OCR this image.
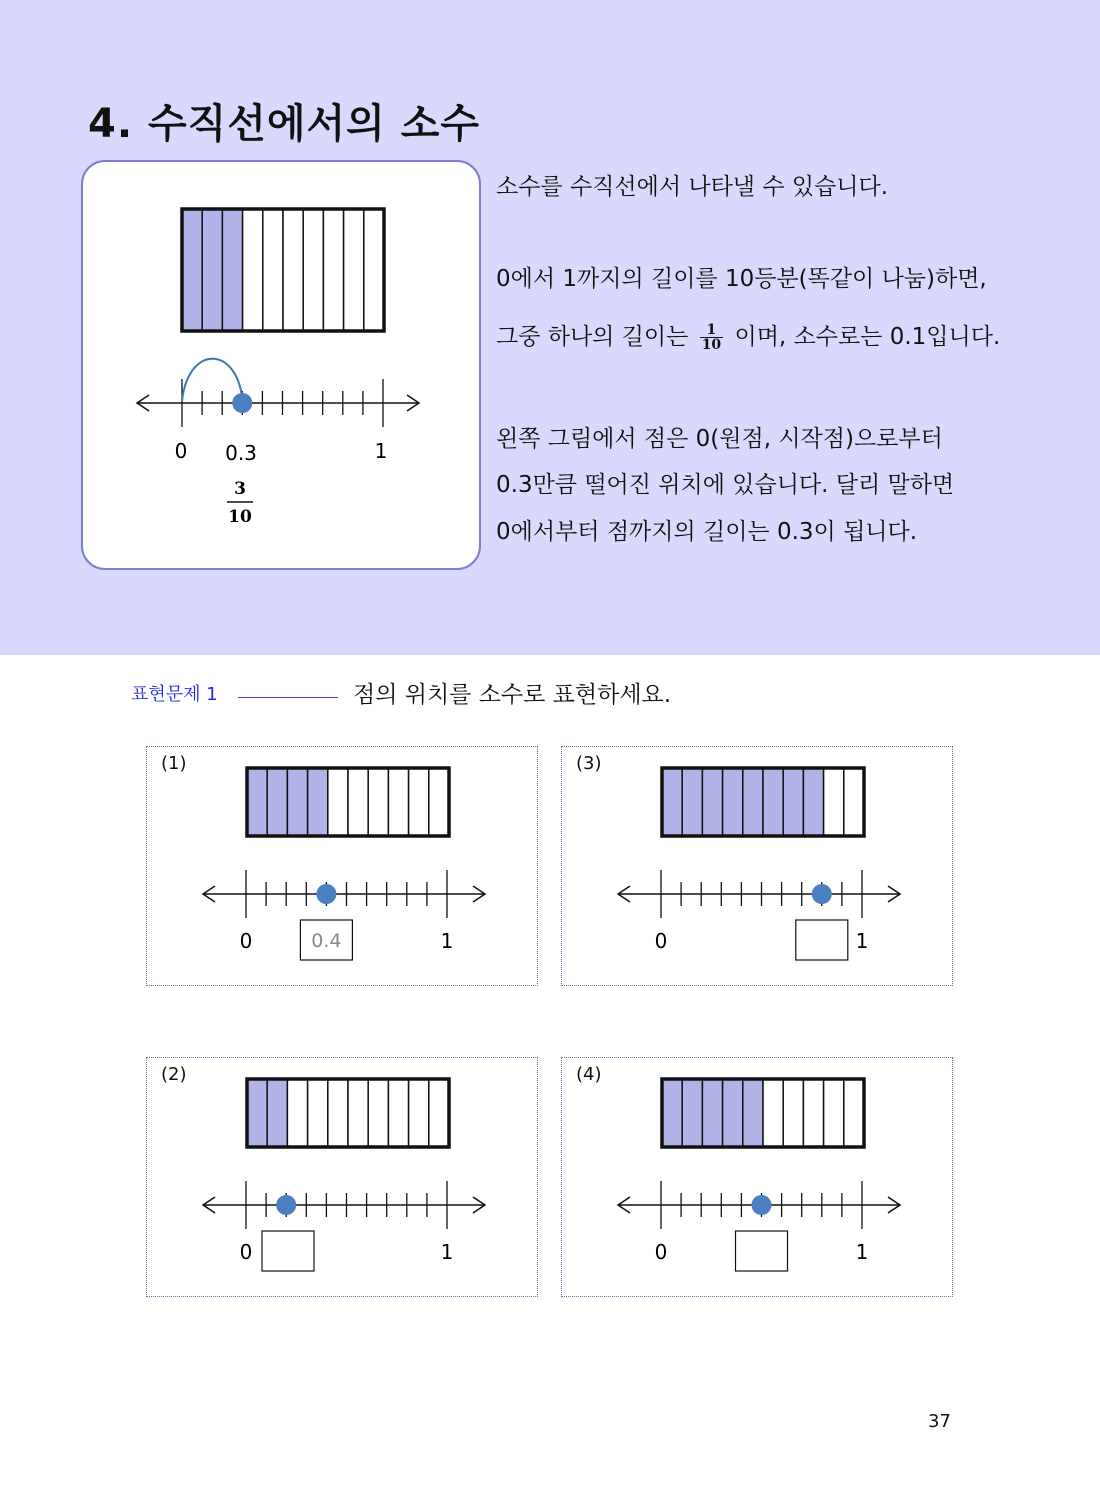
4. 수직선에서의 소수
0 0.3	1
3
10
소수를 수직선에서 나타낼 수 있습니다.
0에서 1까지의 길이를 10등분(똑같이 나눔)하면,
그중 하나의 길이는 $\frac{1}{10}$ 이며, 소수로는 0.1입니다.
왼쪽 그림에서 점은 0(원점, 시작점)으로부터
0.3만큼 떨어진 위치에 있습니다. 달리 말하면
0에서부터 점까지의 길이는 0.3이 됩니다.
표현문제 1	점의 위치를 소수로 표현하세요.
(1)
0	1
0.4
(2)
0	1
(3)
0	1
(4)
0	1
37
